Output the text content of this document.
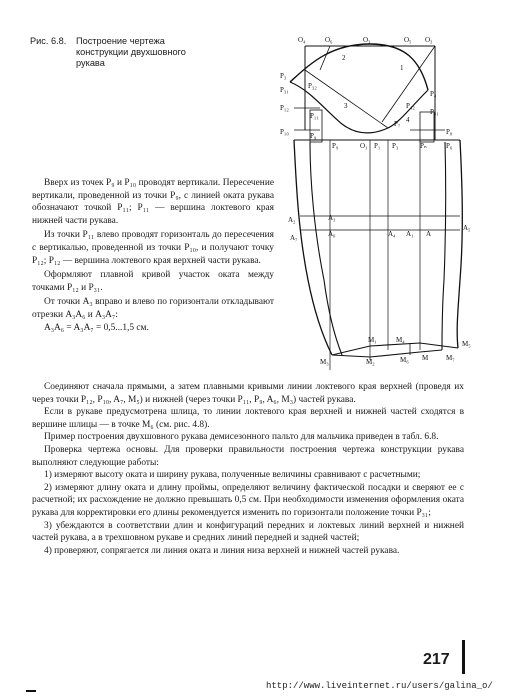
Рис. 6.8. Построение чертежа конструкции двухшовного рукава
O₄	O₆	O₃	O₅ O₃
P₃
P₃₁	P₃₂
P₁₂
P₁₁
P₁₀	P₉
P₉	O₁ P₁ P₃
P₇
P₄
P₄₂
P₄₁
P₈
Pₙ	P₆
2
1
3
4
A₂	A₃
A₇	A₆	A₄ A₁ A
A₅
M₁	M₄	M₅
M₃	M₂	M₆ M	M₇

Вверх из точек P₉ и P₁₀ проводят вертикали. Пересечение вертикали, проведенной из точки P₉, с линией оката рукава обозначают точкой P₁₁; P₁₁ — вершина локтевого края нижней части рукава.

Из точки P₁₁ влево проводят горизонталь до пересечения с вертикалью, проведенной из точки P₁₀, и получают точку P₁₂; P₁₂ — вершина локтевого края верхней части рукава.

Оформляют плавной кривой участок оката между точками P₁₂ и P₃₁.

От точки A₃ вправо и влево по горизонтали откладывают отрезки A₃A₆ и A₃A₇:

A₃A₆ = A₃A₇ = 0,5...1,5 см.

Соединяют сначала прямыми, а затем плавными кривыми линии локтевого края верхней (проведя их через точки P₁₂, P₁₀, A₇, M₅) и нижней (через точки P₁₁, P₉, A₆, M₃) частей рукава.

Если в рукаве предусмотрена шлица, то линии локтевого края верхней и нижней частей сходятся в вершине шлицы — в точке M₆ (см. рис. 4.8).

Пример построения двухшовного рукава демисезонного пальто для мальчика приведен в табл. 6.8.

Проверка чертежа основы. Для проверки правильности построения чертежа конструкции рукава выполняют следующие работы:

1) измеряют высоту оката и ширину рукава, полученные величины сравнивают с расчетными;

2) измеряют длину оката и длину проймы, определяют величину фактической посадки и сверяют ее с расчетной; их расхождение не должно превышать 0,5 см. При необходимости изменения оформления оката рукава для корректировки его длины рекомендуется изменить по горизонтали положение точки P₃₁;

3) убеждаются в соответствии длин и конфигураций передних и локтевых линий верхней и нижней частей рукава, а в трехшовном рукаве и средних линий передней и задней частей;

4) проверяют, сопрягается ли линия оката и линия низа верхней и нижней частей рукава.

217
http://www.liveinternet.ru/users/galina_o/
